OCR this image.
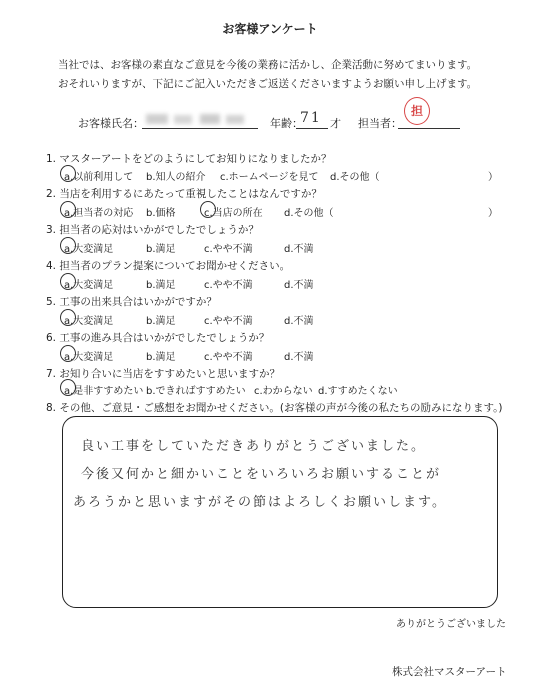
お客様アンケート
当社では、お客様の素直なご意見を今後の業務に活かし、企業活動に努めてまいります。
おそれいりますが、下記にご記入いただきご返送くださいますようお願い申し上げます。
お客様氏名：	年齢：
71 才 担当者：
担
1. マスターアートをどのようにしてお知りになりましたか？
a.以前利用して b.知人の紹介 c.ホームページを見て d.その他（	）
2. 当店を利用するにあたって重視したことはなんですか？
a.担当者の対応 b.価格	c.当店の所在 d.その他（	）
3. 担当者の応対はいかがでしたでしょうか？
a.大変満足	b.満足	c.やや不満	d.不満
4. 担当者のプラン提案についてお聞かせください。
a.大変満足	b.満足	c.やや不満	d.不満
5. 工事の出来具合はいかがですか？
a.大変満足	b.満足	c.やや不満	d.不満
6. 工事の進み具合はいかがでしたでしょうか？
a.大変満足	b.満足	c.やや不満	d.不満
7. お知り合いに当店をすすめたいと思いますか？
a.是非すすめたい b.できればすすめたい c.わからない d.すすめたくない
8. その他、ご意見・ご感想をお聞かせください。(お客様の声が今後の私たちの励みになります。)
良い工事をしていただきありがとうございました。
今後又何かと細かいことをいろいろお願いすることが
あろうかと思いますがその節はよろしくお願いします。
ありがとうございました
株式会社マスターアート
